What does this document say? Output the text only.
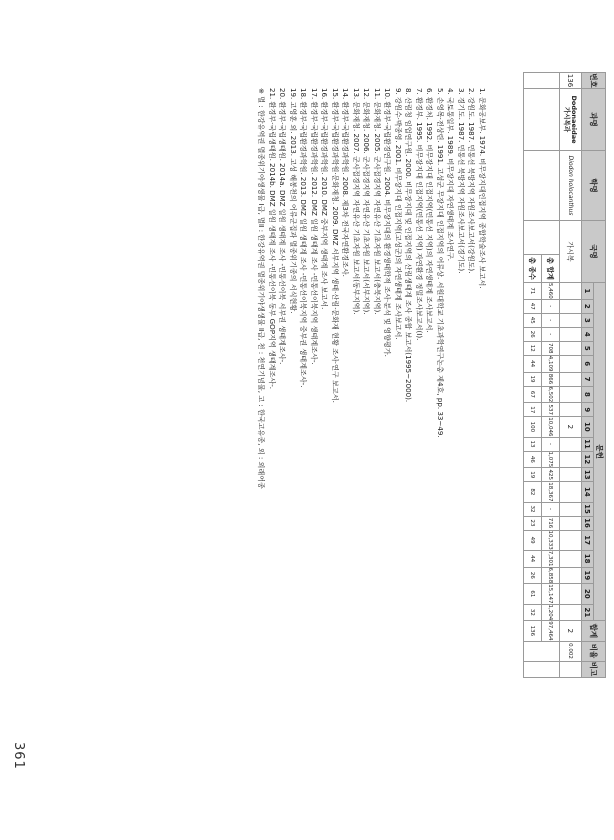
번호	과명	학명	국명		문헌																					합계	비율	비고
					1	2	3	4	5	6	7	8	9	10	11	12	13	14	15	16	17	18	19	20	21			
136	Dodonaeidae
가시복과	Diodon holocanthus	가시복											2												2	0.002	
				총 합계	5,460	-	-	-	708	4,109	866	6,502	537	10,046	-	1,075	425	18,367	-	716	10,333	7,301	6,858	15,147	1,204	97,464		
				총 종수	71	47	45	26	12	44	19	67	17	100	13	46	19	82	32	23	49	44	26	61	32	136		
1. 문화공보부. 1974. 비무장지대인접지역 종합학술조사 보고서.
2. 강원도. 1987. 민통선 북방지역 자원조사보고서(강원도).
3. 경기도. 1987. 민통선 북방지역 자원조사보고서(경기도).
4. 국토통일부. 1989. 비무장지대 자연생태계 조사연구.
5. 손영목·전상린. 1991. 고성군 무장지대 인접지역의 어류상. 서원대학교 기초과학연구논총 제4호, pp. 33~49.
6. 환경처. 1992. 비무장지대 인접지역(민통선 지역)의 자연생태계 조사보고서.
7. 환경부. 1995. 비무장지대 인접지역(민통선 지역) 자연환경 정밀조사보고서(Ⅰ).
8. 산림청 임업연구원. 2000. 비무장지대 및 인접지역의 산림생태계 조사 종합 보고서(1995~2000).
9. 강원수·박종영. 2001. 비무장지대 인접지역(고성군)의 자연생태계 조사보고서.
10. 환경부·국립환경연구원. 2004. 비무장지대의 환경생태학적 조사·분석 및 영향평가.
11. 문화재청. 2005. 군사접경지역 자연유산 기초자원 보고서(충북지역).
12. 문화재청. 2006. 군사접경지역 자연유산 기초자원 보고서(서부지역).
13. 문화재청. 2007. 군사접경지역 자연유산 기초자원 보고서(동부지역).
14. 환경부·국립환경과학원. 2008. 제3차 전국자연환경조사.
15. 환경부·국립환경과학원·문화재청. 2009. DMZ 서부지역 생태·산림·문화재 현황 조사·연구 보고서.
16. 환경부·국립환경과학원. 2010. DMZ 중부지역 생태계 조사 보고서.
17. 환경부·국립환경과학원. 2012. DMZ 일원 생태계 조사 -민통선이북지역 생태계조사-.
18. 환경부·국립환경과학원. 2013. DMZ 일원 생태계 조사 -민통선이북지역 중부권 생태계조사-.
19. 고영훈 외. 2013. 고성 해봉천의 어류군집과 멸종위기종의 서식현황.
20. 환경부·국립생태원. 2014a. DMZ 일원 생태계 조사 -민통선이북 서부권 생태계조사-.
21. 환경부·국립생태원. 2014b. DMZ 일원 생태계 조사 -민통선이북 동부 GOP지역 생태계조사-.
※ 멸 : 한강유역권 멸종위기야생생물 Ⅰ급, 멸Ⅱ : 한강유역권 멸종위기야생생물 Ⅱ급, 천 : 천연기념물, 고 : 한국고유종, 외 : 외래어종
361
